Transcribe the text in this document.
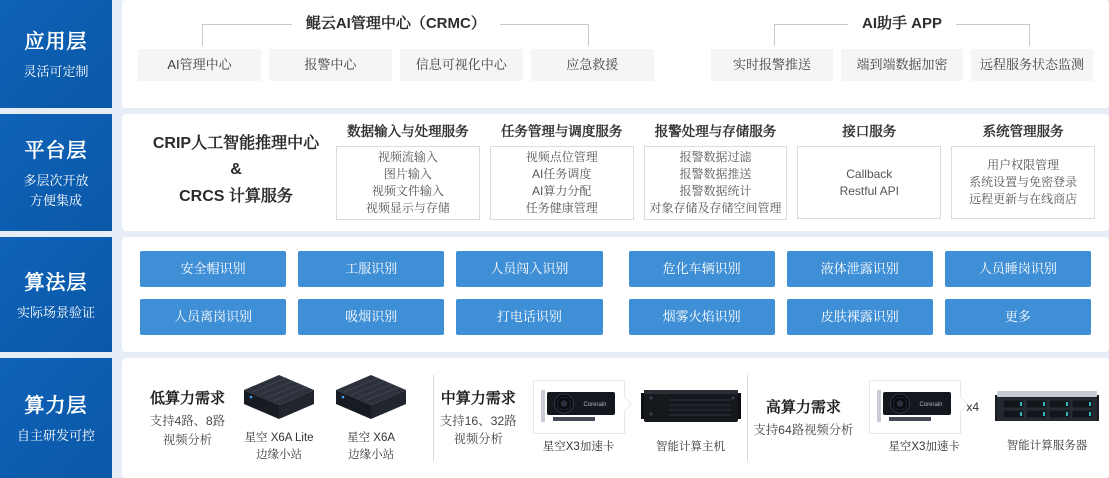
应用层
灵活可定制
鲲云AI管理中心（CRMC）
AI管理中心	报警中心	信息可视化中心	应急救援
AI助手 APP
实时报警推送	端到端数据加密	远程服务状态监测
平台层
多层次开放
方便集成
CRIP人工智能推理中心
&
CRCS 计算服务
数据输入与处理服务
视频流输入
图片输入
视频文件输入
视频显示与存储
任务管理与调度服务
视频点位管理
AI任务调度
AI算力分配
任务健康管理
报警处理与存储服务
报警数据过滤
报警数据推送
报警数据统计
对象存储及存储空间管理
接口服务
Callback
Restful API
系统管理服务
用户权限管理
系统设置与免密登录
远程更新与在线商店
算法层
实际场景验证
安全帽识别	工服识别	人员闯入识别	危化车辆识别	液体泄露识别	人员睡岗识别
人员离岗识别	吸烟识别	打电话识别	烟雾火焰识别	皮肤裸露识别	更多
算力层
自主研发可控
低算力需求
支持4路、8路
视频分析	星空 X6A Lite
边缘小站
星空 X6A
边缘小站
中算力需求
支持16、32路
视频分析
Corerain
星空X3加速卡	智能计算主机
高算力需求
支持64路视频分析
Corerain x4
星空X3加速卡	智能计算服务器
